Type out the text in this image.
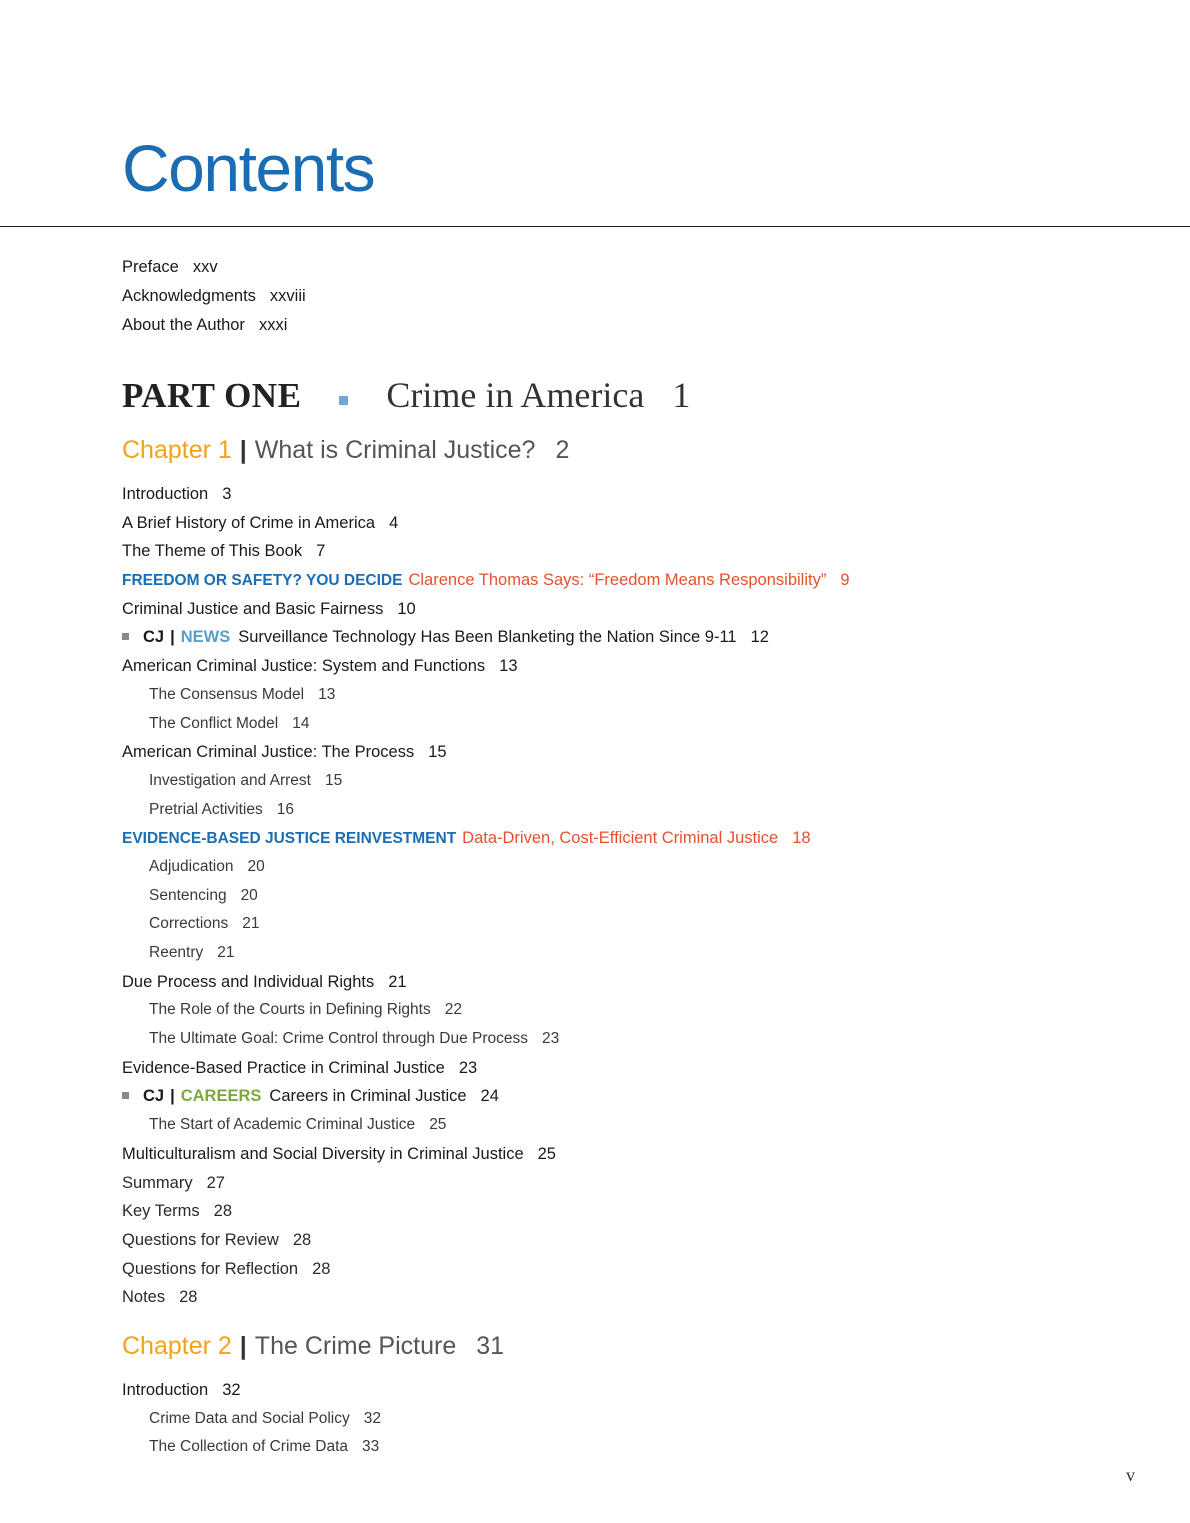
Contents
Preface xxv
Acknowledgments xxviii
About the Author xxxi
PART ONE Crime in America 1
Chapter 1 | What is Criminal Justice? 2
Introduction 3
A Brief History of Crime in America 4
The Theme of This Book 7
FREEDOM OR SAFETY? YOU DECIDE Clarence Thomas Says: “Freedom Means Responsibility” 9
Criminal Justice and Basic Fairness 10
CJ | NEWS Surveillance Technology Has Been Blanketing the Nation Since 9-11 12
American Criminal Justice: System and Functions 13
The Consensus Model 13
The Conflict Model 14
American Criminal Justice: The Process 15
Investigation and Arrest 15
Pretrial Activities 16
EVIDENCE-BASED JUSTICE REINVESTMENT Data-Driven, Cost-Efficient Criminal Justice 18
Adjudication 20
Sentencing 20
Corrections 21
Reentry 21
Due Process and Individual Rights 21
The Role of the Courts in Defining Rights 22
The Ultimate Goal: Crime Control through Due Process 23
Evidence-Based Practice in Criminal Justice 23
CJ | CAREERS Careers in Criminal Justice 24
The Start of Academic Criminal Justice 25
Multiculturalism and Social Diversity in Criminal Justice 25
Summary 27
Key Terms 28
Questions for Review 28
Questions for Reflection 28
Notes 28
Chapter 2 | The Crime Picture 31
Introduction 32
Crime Data and Social Policy 32
The Collection of Crime Data 33
v
